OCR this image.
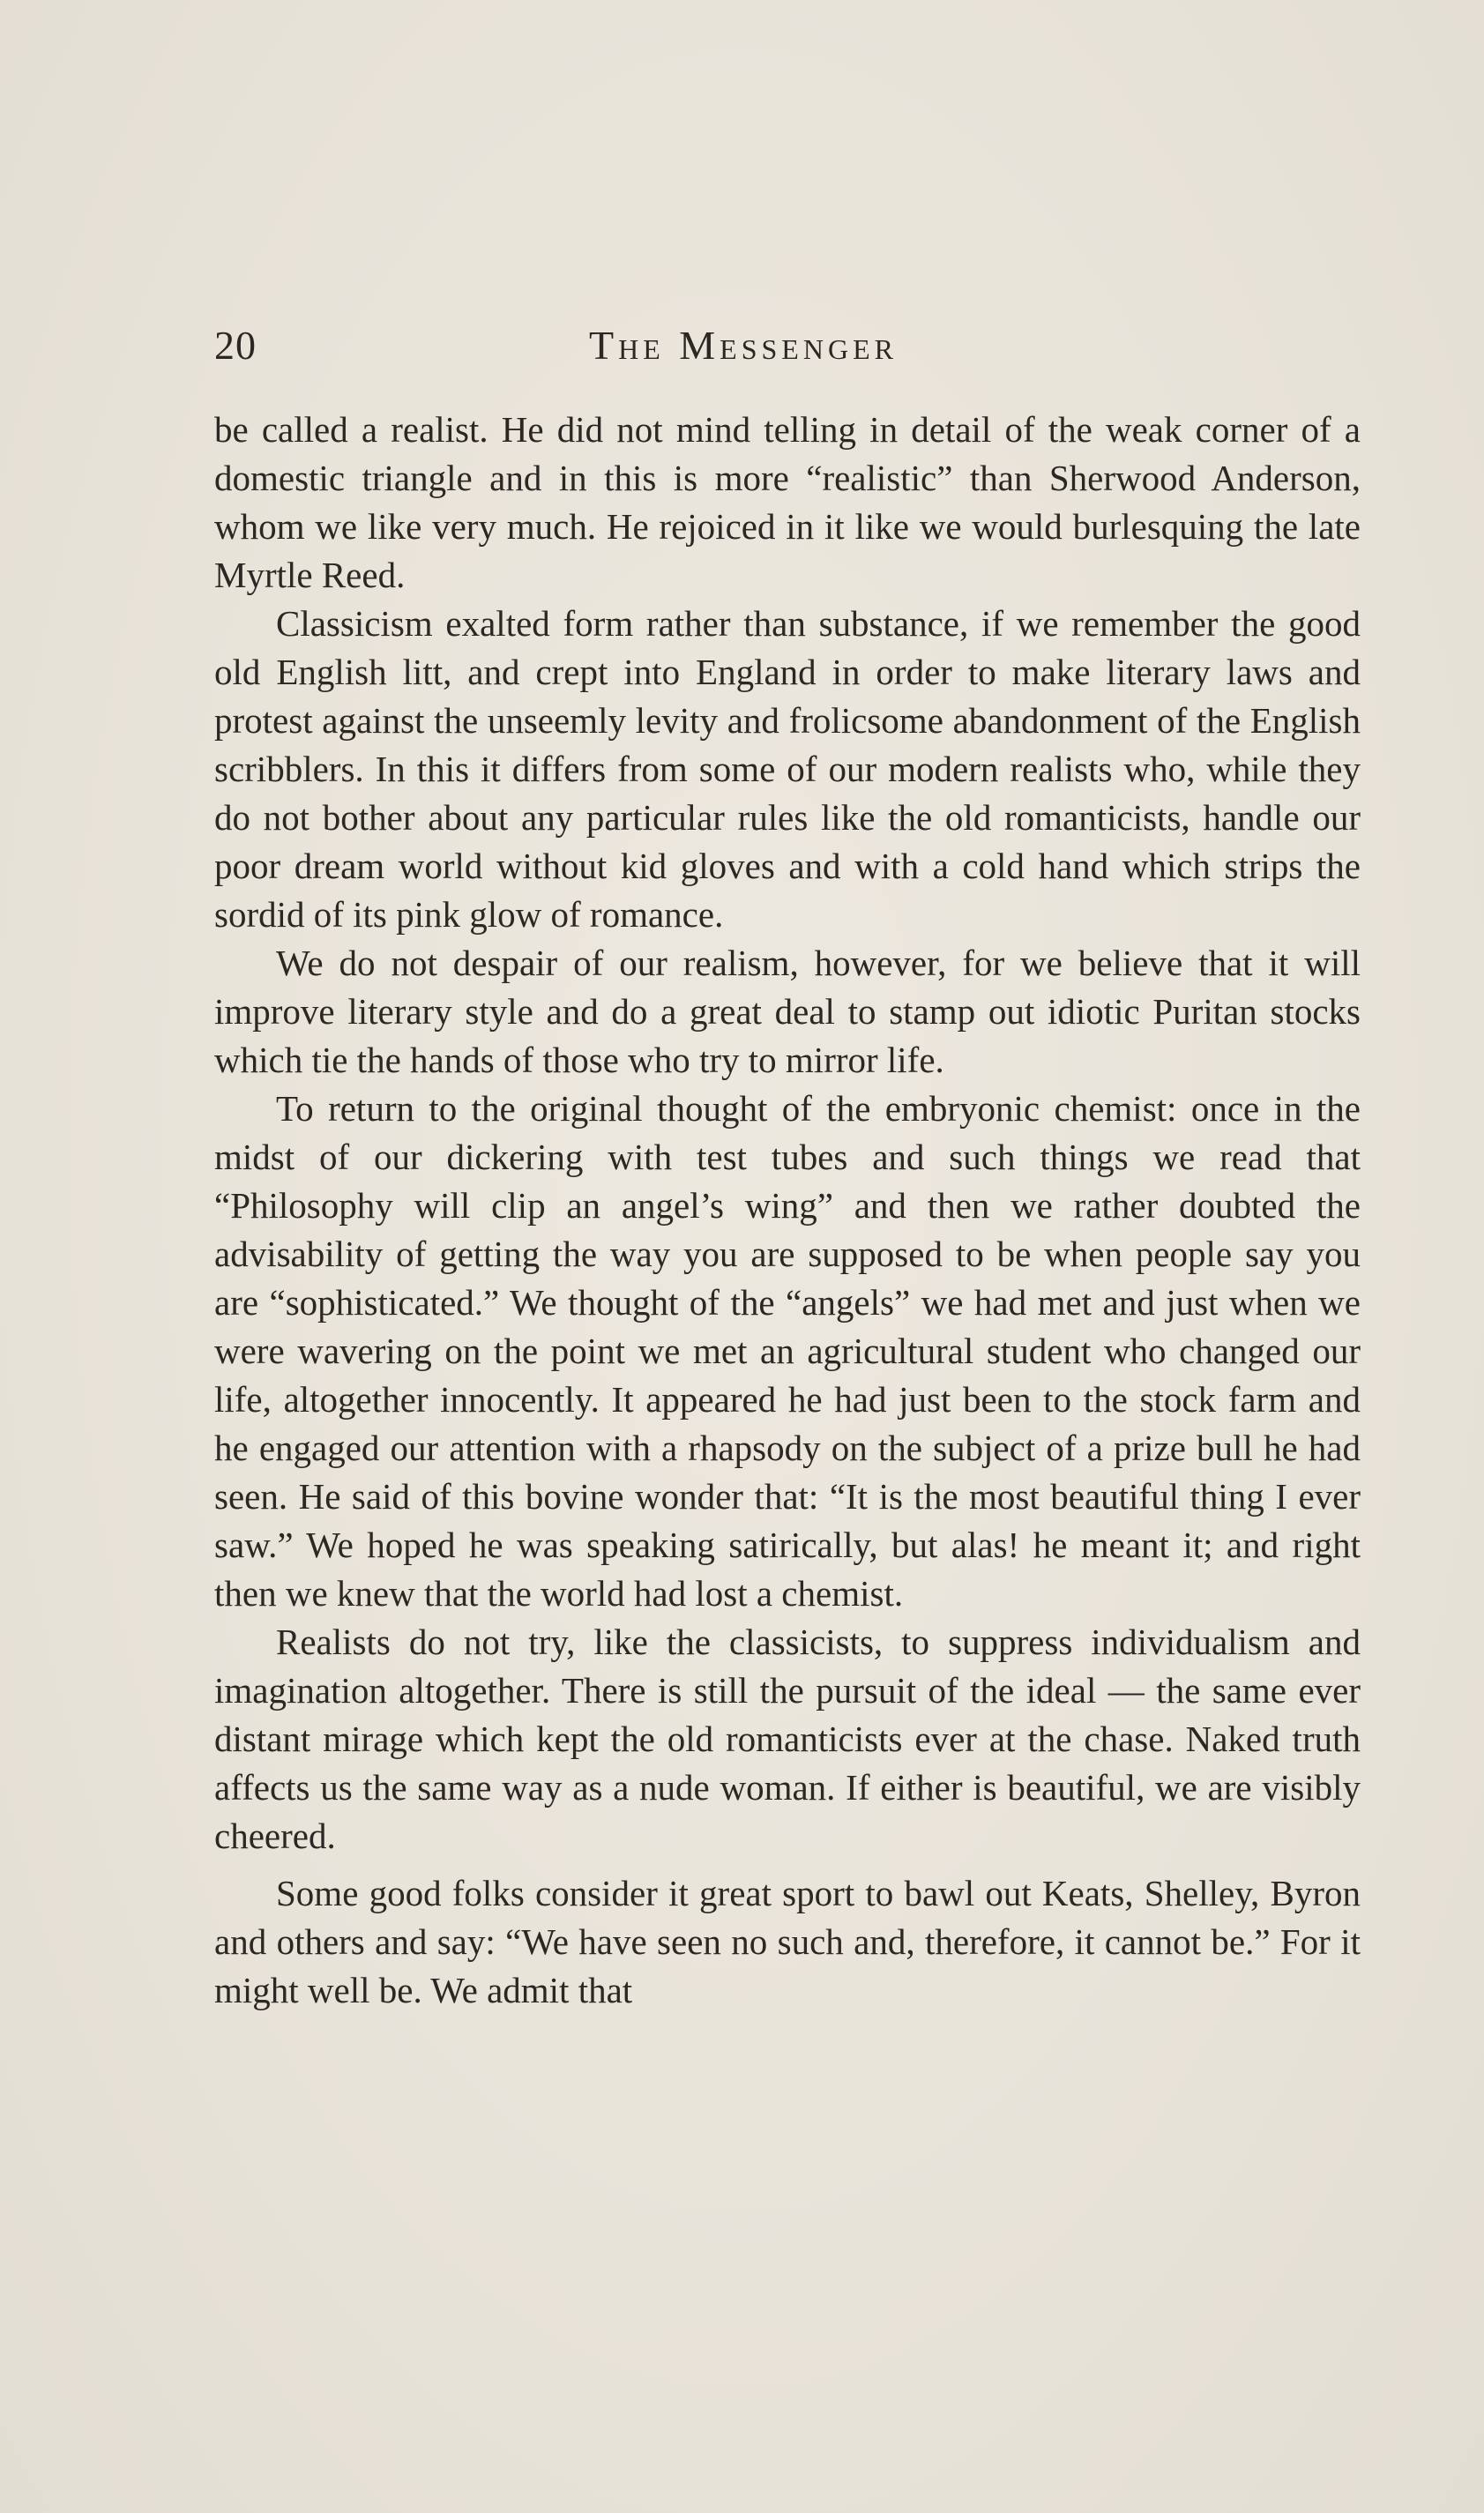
20	The Messenger

be called a realist. He did not mind telling in detail of the weak corner of a domestic triangle and in this is more “realistic” than Sherwood Anderson, whom we like very much. He rejoiced in it like we would burlesquing the late Myrtle Reed.

Classicism exalted form rather than substance, if we remember the good old English litt, and crept into England in order to make literary laws and protest against the unseemly levity and frolicsome abandonment of the English scribblers. In this it differs from some of our modern realists who, while they do not bother about any particular rules like the old romanticists, handle our poor dream world without kid gloves and with a cold hand which strips the sordid of its pink glow of romance.

We do not despair of our realism, however, for we believe that it will improve literary style and do a great deal to stamp out idiotic Puritan stocks which tie the hands of those who try to mirror life.

To return to the original thought of the embryonic chemist: once in the midst of our dickering with test tubes and such things we read that “Philosophy will clip an angel’s wing” and then we rather doubted the advisability of getting the way you are supposed to be when people say you are “sophisticated.” We thought of the “angels” we had met and just when we were wavering on the point we met an agricultural student who changed our life, altogether innocently. It appeared he had just been to the stock farm and he engaged our attention with a rhapsody on the subject of a prize bull he had seen. He said of this bovine wonder that: “It is the most beautiful thing I ever saw.” We hoped he was speaking satirically, but alas! he meant it; and right then we knew that the world had lost a chemist.

Realists do not try, like the classicists, to suppress individualism and imagination altogether. There is still the pursuit of the ideal — the same ever distant mirage which kept the old romanticists ever at the chase. Naked truth affects us the same way as a nude woman. If either is beautiful, we are visibly cheered.

Some good folks consider it great sport to bawl out Keats, Shelley, Byron and others and say: “We have seen no such and, therefore, it cannot be.” For it might well be. We admit that
